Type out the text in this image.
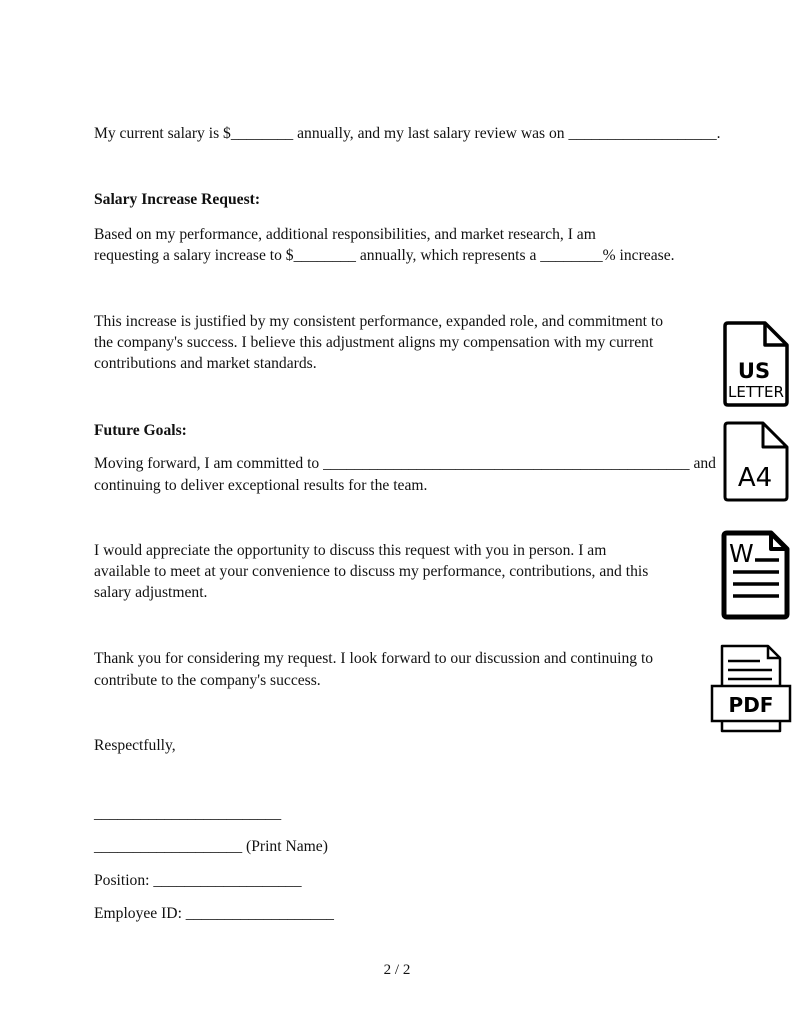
My current salary is $________ annually, and my last salary review was on ___________________.
Salary Increase Request:
Based on my performance, additional responsibilities, and market research, I am
requesting a salary increase to $________ annually, which represents a ________% increase.
This increase is justified by my consistent performance, expanded role, and commitment to
the company's success. I believe this adjustment aligns my compensation with my current
contributions and market standards.
Future Goals:
Moving forward, I am committed to _______________________________________________ and
continuing to deliver exceptional results for the team.
I would appreciate the opportunity to discuss this request with you in person. I am
available to meet at your convenience to discuss my performance, contributions, and this
salary adjustment.
Thank you for considering my request. I look forward to our discussion and continuing to
contribute to the company's success.
Respectfully,
________________________
___________________ (Print Name)
Position: ___________________
Employee ID: ___________________
US
LETTER
A4
W
PDF
2 / 2
